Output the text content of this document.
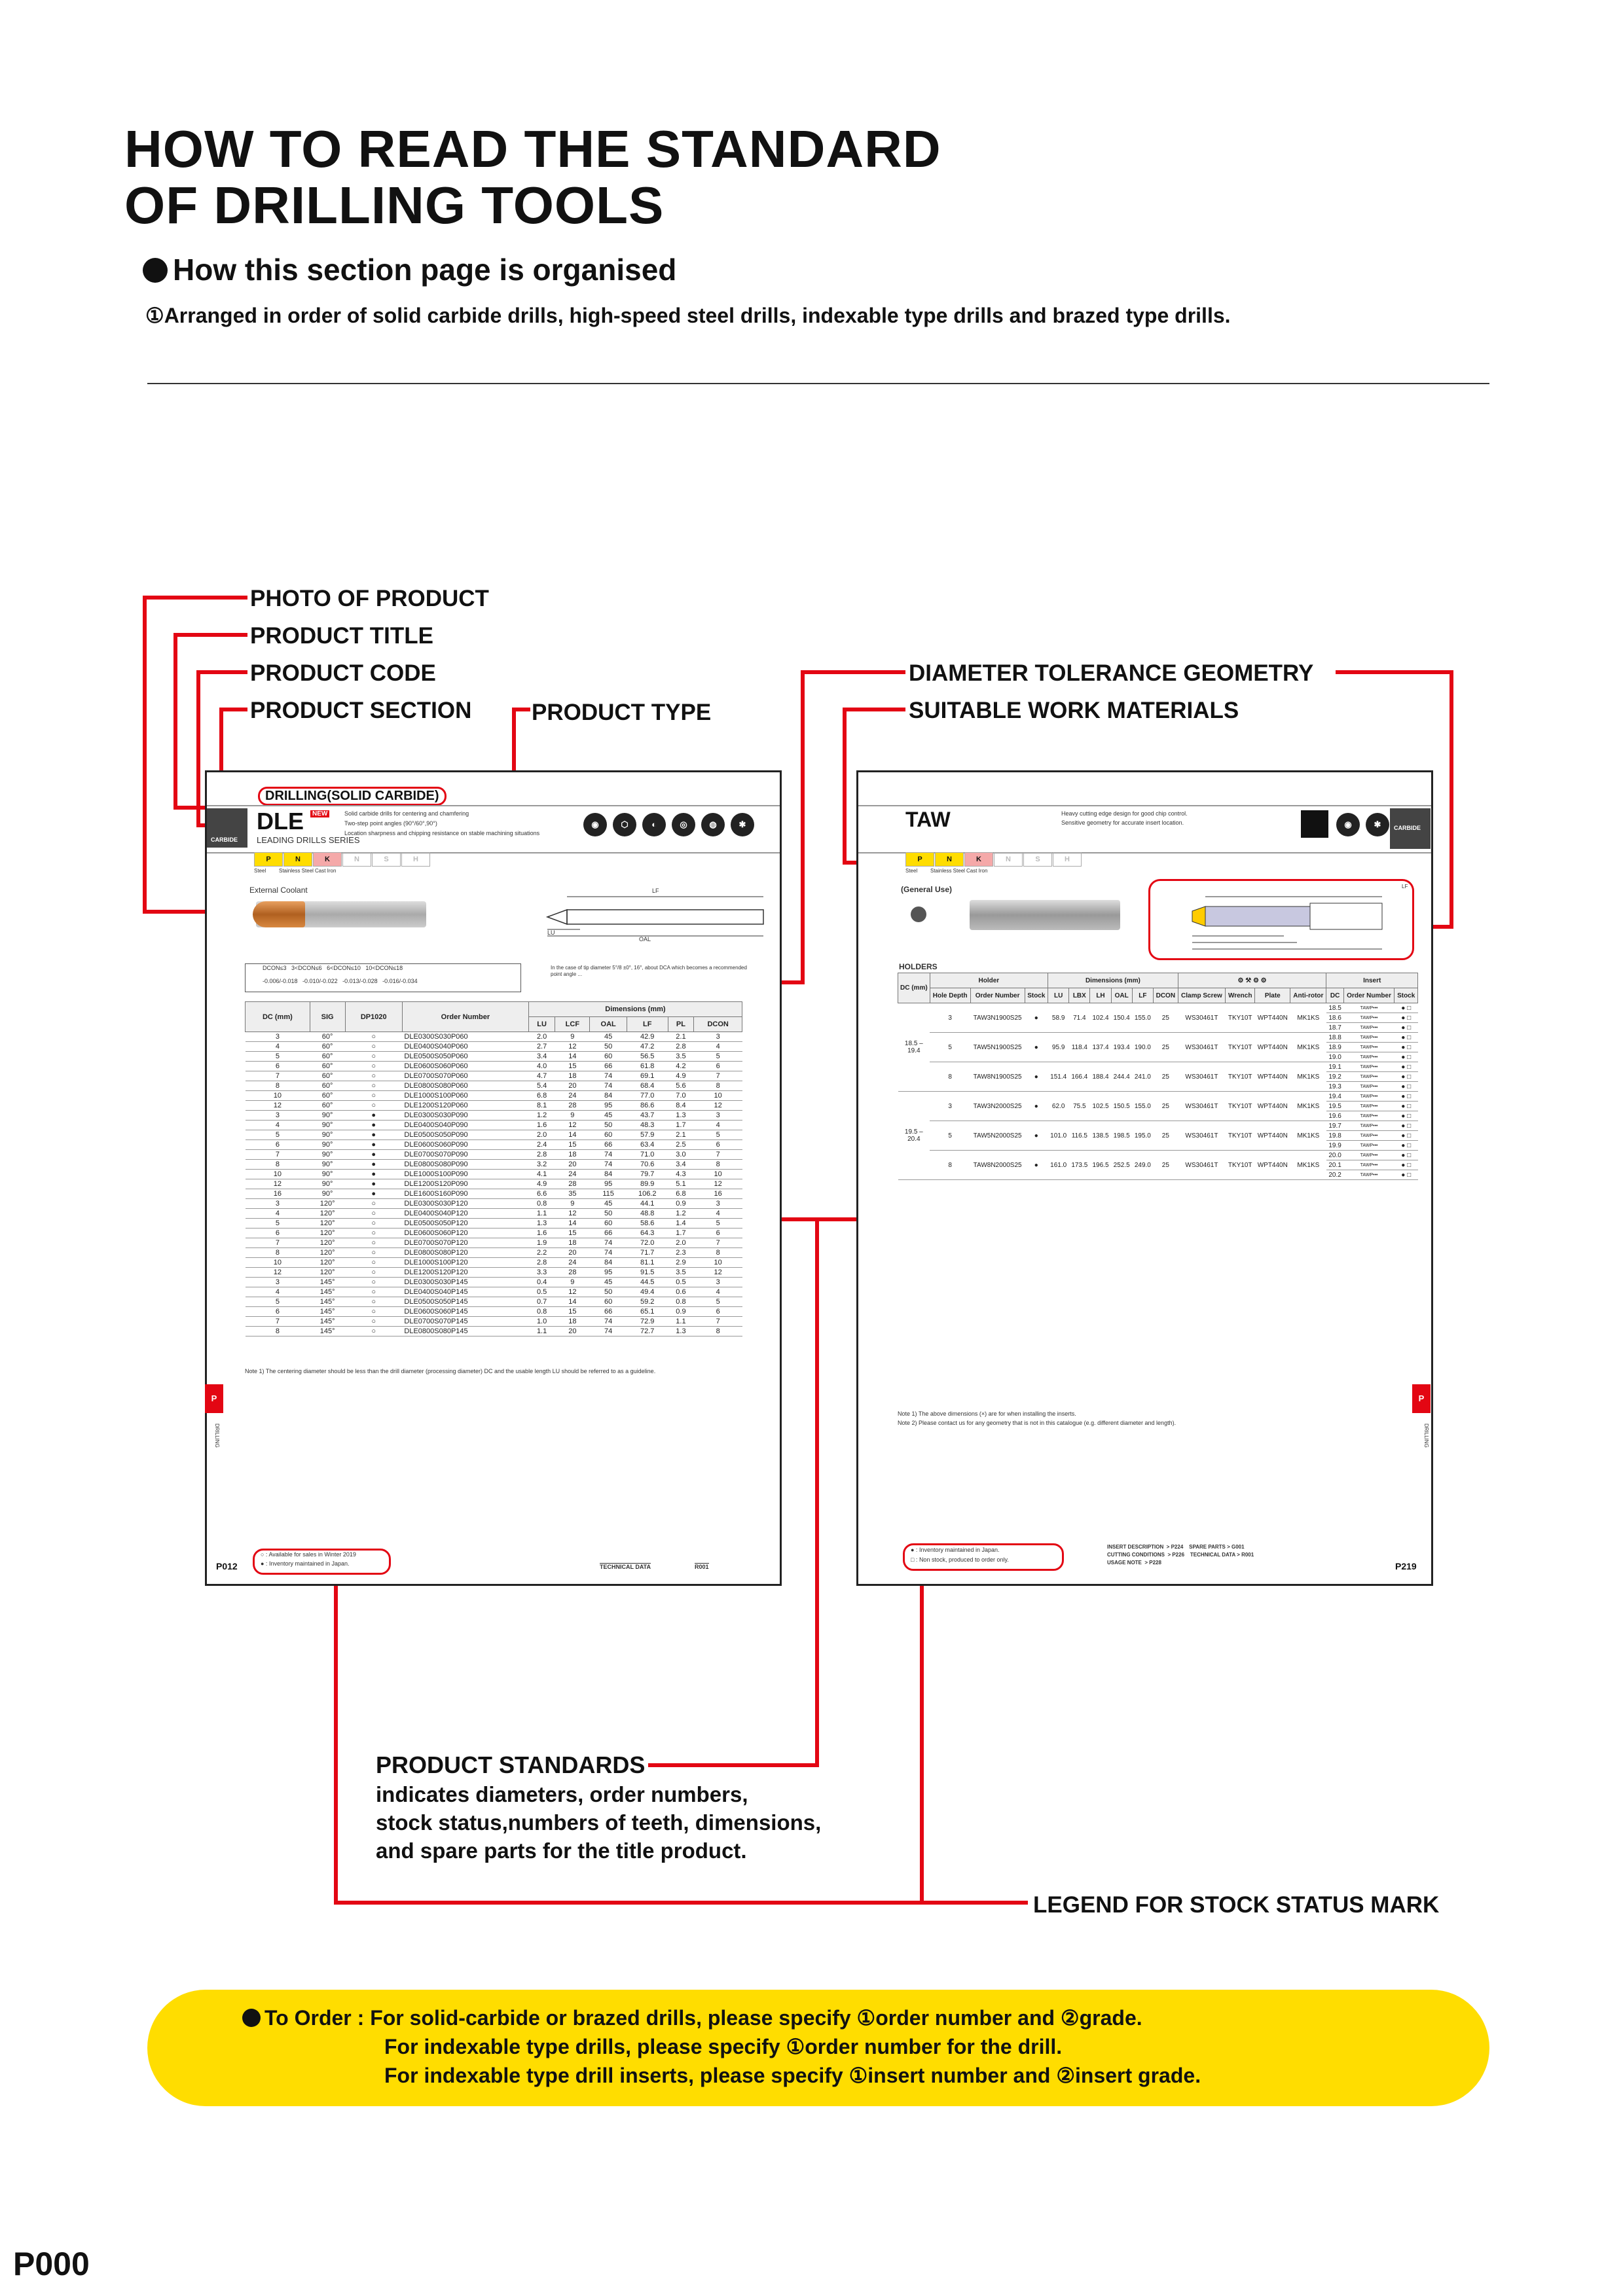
HOW TO READ THE STANDARD
OF DRILLING TOOLS
How this section page is organised
①Arranged in order of solid carbide drills, high-speed steel drills, indexable type drills and brazed type drills.
PHOTO OF PRODUCT
PRODUCT TITLE
PRODUCT CODE
PRODUCT SECTION	PRODUCT TYPE
DIAMETER TOLERANCE GEOMETRY
SUITABLE WORK MATERIALS
LEGEND FOR STOCK STATUS MARK
DRILLING(SOLID CARBIDE)
CARBIDE
DLE	NEW
LEADING DRILLS SERIES
Solid carbide drills for centering and chamfering
Two-step point angles (90°/60°,90°)
Location sharpness and chipping resistance on stable machining situations
◉	⬡	◐	◎	◍	✱
P	N	K	N	S	H
Steel Stainless Steel Cast Iron
External Coolant	LF
OAL
LU
DCON≤3   3<DCON≤6   6<DCON≤10   10<DCON≤18
-0.006/-0.018   -0.010/-0.022   -0.013/-0.028   -0.016/-0.034
In the case of tip diameter 5°/8 ±0°, 16°, about DCA which becomes a recommended point angle ...
DC (mm)	SIG	DP1020	Order Number	Dimensions (mm)					
				LU	LCF	OAL	LF	PL	DCON
3	60°	○	DLE0300S030P060	2.0	9	45	42.9	2.1	3
4	60°	○	DLE0400S040P060	2.7	12	50	47.2	2.8	4
5	60°	○	DLE0500S050P060	3.4	14	60	56.5	3.5	5
6	60°	○	DLE0600S060P060	4.0	15	66	61.8	4.2	6
7	60°	○	DLE0700S070P060	4.7	18	74	69.1	4.9	7
8	60°	○	DLE0800S080P060	5.4	20	74	68.4	5.6	8
10	60°	○	DLE1000S100P060	6.8	24	84	77.0	7.0	10
12	60°	○	DLE1200S120P060	8.1	28	95	86.6	8.4	12
3	90°	●	DLE0300S030P090	1.2	9	45	43.7	1.3	3
4	90°	●	DLE0400S040P090	1.6	12	50	48.3	1.7	4
5	90°	●	DLE0500S050P090	2.0	14	60	57.9	2.1	5
6	90°	●	DLE0600S060P090	2.4	15	66	63.4	2.5	6
7	90°	●	DLE0700S070P090	2.8	18	74	71.0	3.0	7
8	90°	●	DLE0800S080P090	3.2	20	74	70.6	3.4	8
10	90°	●	DLE1000S100P090	4.1	24	84	79.7	4.3	10
12	90°	●	DLE1200S120P090	4.9	28	95	89.9	5.1	12
16	90°	●	DLE1600S160P090	6.6	35	115	106.2	6.8	16
3	120°	○	DLE0300S030P120	0.8	9	45	44.1	0.9	3
4	120°	○	DLE0400S040P120	1.1	12	50	48.8	1.2	4
5	120°	○	DLE0500S050P120	1.3	14	60	58.6	1.4	5
6	120°	○	DLE0600S060P120	1.6	15	66	64.3	1.7	6
7	120°	○	DLE0700S070P120	1.9	18	74	72.0	2.0	7
8	120°	○	DLE0800S080P120	2.2	20	74	71.7	2.3	8
10	120°	○	DLE1000S100P120	2.8	24	84	81.1	2.9	10
12	120°	○	DLE1200S120P120	3.3	28	95	91.5	3.5	12
3	145°	○	DLE0300S030P145	0.4	9	45	44.5	0.5	3
4	145°	○	DLE0400S040P145	0.5	12	50	49.4	0.6	4
5	145°	○	DLE0500S050P145	0.7	14	60	59.2	0.8	5
6	145°	○	DLE0600S060P145	0.8	15	66	65.1	0.9	6
7	145°	○	DLE0700S070P145	1.0	18	74	72.9	1.1	7
8	145°	○	DLE0800S080P145	1.1	20	74	72.7	1.3	8
Note 1) The centering diameter should be less than the drill diameter (processing diameter) DC and the usable length LU should be referred to as a guideline.
P
DRILLING
○ : Available for sales in Winter 2019
● : Inventory maintained in Japan.
P012	TECHNICAL DATA	R001
TAW	Heavy cutting edge design for good chip control.
Sensitive geometry for accurate insert location.	◉	✱	CARBIDE
P	N	K	N	S	H
Steel Stainless Steel Cast Iron
(General Use)	LF
HOLDERS
DC (mm)	Holder			Dimensions (mm)						⚙ ⚒ ⚙ ⚙				Insert		
	Hole Depth	Order Number	Stock	LU	LBX	LH	OAL	LF	DCON	Clamp Screw	Wrench	Plate	Anti-rotor	DC	Order Number	Stock
18.5 – 19.4	3	TAW3N1900S25	●	58.9	71.4	102.4	150.4	155.0	25	WS30461T	TKY10T	WPT440N	MK1KS	18.5	TAWP•••	● □
														18.6	TAWP•••	● □
														18.7	TAWP•••	● □
	5	TAW5N1900S25	●	95.9	118.4	137.4	193.4	190.0	25	WS30461T	TKY10T	WPT440N	MK1KS	18.8	TAWP•••	● □
														18.9	TAWP•••	● □
														19.0	TAWP•••	● □
	8	TAW8N1900S25	●	151.4	166.4	188.4	244.4	241.0	25	WS30461T	TKY10T	WPT440N	MK1KS	19.1	TAWP•••	● □
														19.2	TAWP•••	● □
														19.3	TAWP•••	● □
19.5 – 20.4	3	TAW3N2000S25	●	62.0	75.5	102.5	150.5	155.0	25	WS30461T	TKY10T	WPT440N	MK1KS	19.4	TAWP•••	● □
														19.5	TAWP•••	● □
														19.6	TAWP•••	● □
	5	TAW5N2000S25	●	101.0	116.5	138.5	198.5	195.0	25	WS30461T	TKY10T	WPT440N	MK1KS	19.7	TAWP•••	● □
														19.8	TAWP•••	● □
														19.9	TAWP•••	● □
	8	TAW8N2000S25	●	161.0	173.5	196.5	252.5	249.0	25	WS30461T	TKY10T	WPT440N	MK1KS	20.0	TAWP•••	● □
														20.1	TAWP•••	● □
														20.2	TAWP•••	● □
Note 1) The above dimensions (×) are for when installing the inserts.
Note 2) Please contact us for any geometry that is not in this catalogue (e.g. different diameter and length).
P
DRILLING
● : Inventory maintained in Japan.
□ : Non stock, produced to order only.
INSERT DESCRIPTION  > P224 SPARE PARTS > G001
CUTTING CONDITIONS  > P226 TECHNICAL DATA > R001
USAGE NOTE  > P228	P219
PRODUCT STANDARDS
indicates diameters, order numbers,
stock status,numbers of teeth, dimensions,
and spare parts for the title product.
To Order : For solid-carbide or brazed drills, please specify ①order number and ②grade.
For indexable type drills, please specify ①order number for the drill.
For indexable type drill inserts, please specify ①insert number and ②insert grade.
P000
